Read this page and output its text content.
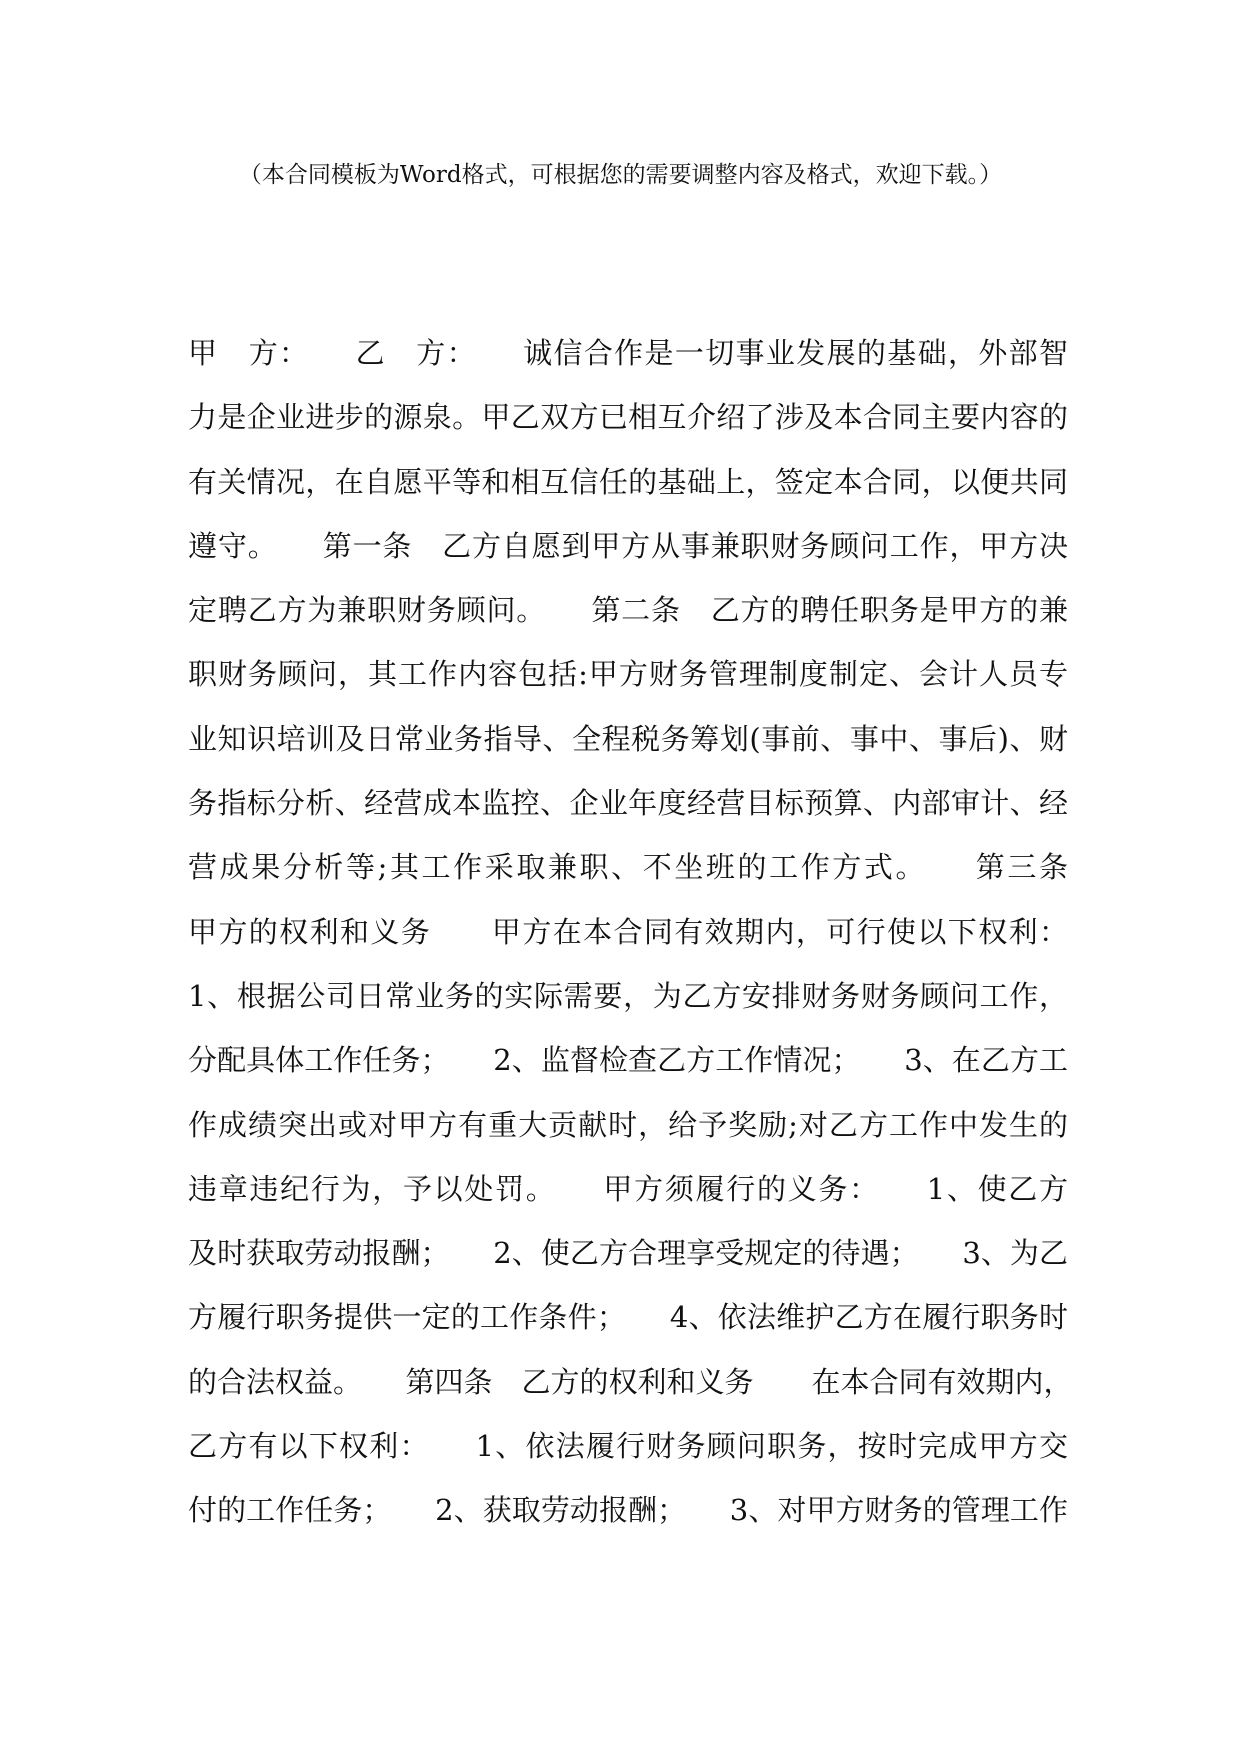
（本合同模板为Word格式，可根据您的需要调整内容及格式，欢迎下载。）
甲　方：　　乙　方：　　诚信合作是一切事业发展的基础，外部智
力是企业进步的源泉。甲乙双方已相互介绍了涉及本合同主要内容的
有关情况，在自愿平等和相互信任的基础上，签定本合同，以便共同
遵守。　　第一条　乙方自愿到甲方从事兼职财务顾问工作，甲方决
定聘乙方为兼职财务顾问。　　第二条　乙方的聘任职务是甲方的兼
职财务顾问，其工作内容包括:甲方财务管理制度制定、会计人员专
业知识培训及日常业务指导、全程税务筹划(事前、事中、事后)、财
务指标分析、经营成本监控、企业年度经营目标预算、内部审计、经
营成果分析等;其工作采取兼职、不坐班的工作方式。　　第三条
甲方的权利和义务　　甲方在本合同有效期内，可行使以下权利：
1、根据公司日常业务的实际需要，为乙方安排财务财务顾问工作，
分配具体工作任务；　　2、监督检查乙方工作情况；　　3、在乙方工
作成绩突出或对甲方有重大贡献时，给予奖励;对乙方工作中发生的
违章违纪行为，予以处罚。　　甲方须履行的义务：　　1、使乙方
及时获取劳动报酬；　　2、使乙方合理享受规定的待遇；　　3、为乙
方履行职务提供一定的工作条件；　　4、依法维护乙方在履行职务时
的合法权益。　　第四条　乙方的权利和义务　　在本合同有效期内，
乙方有以下权利：　　1、依法履行财务顾问职务，按时完成甲方交
付的工作任务；　　2、获取劳动报酬；　　3、对甲方财务的管理工作
